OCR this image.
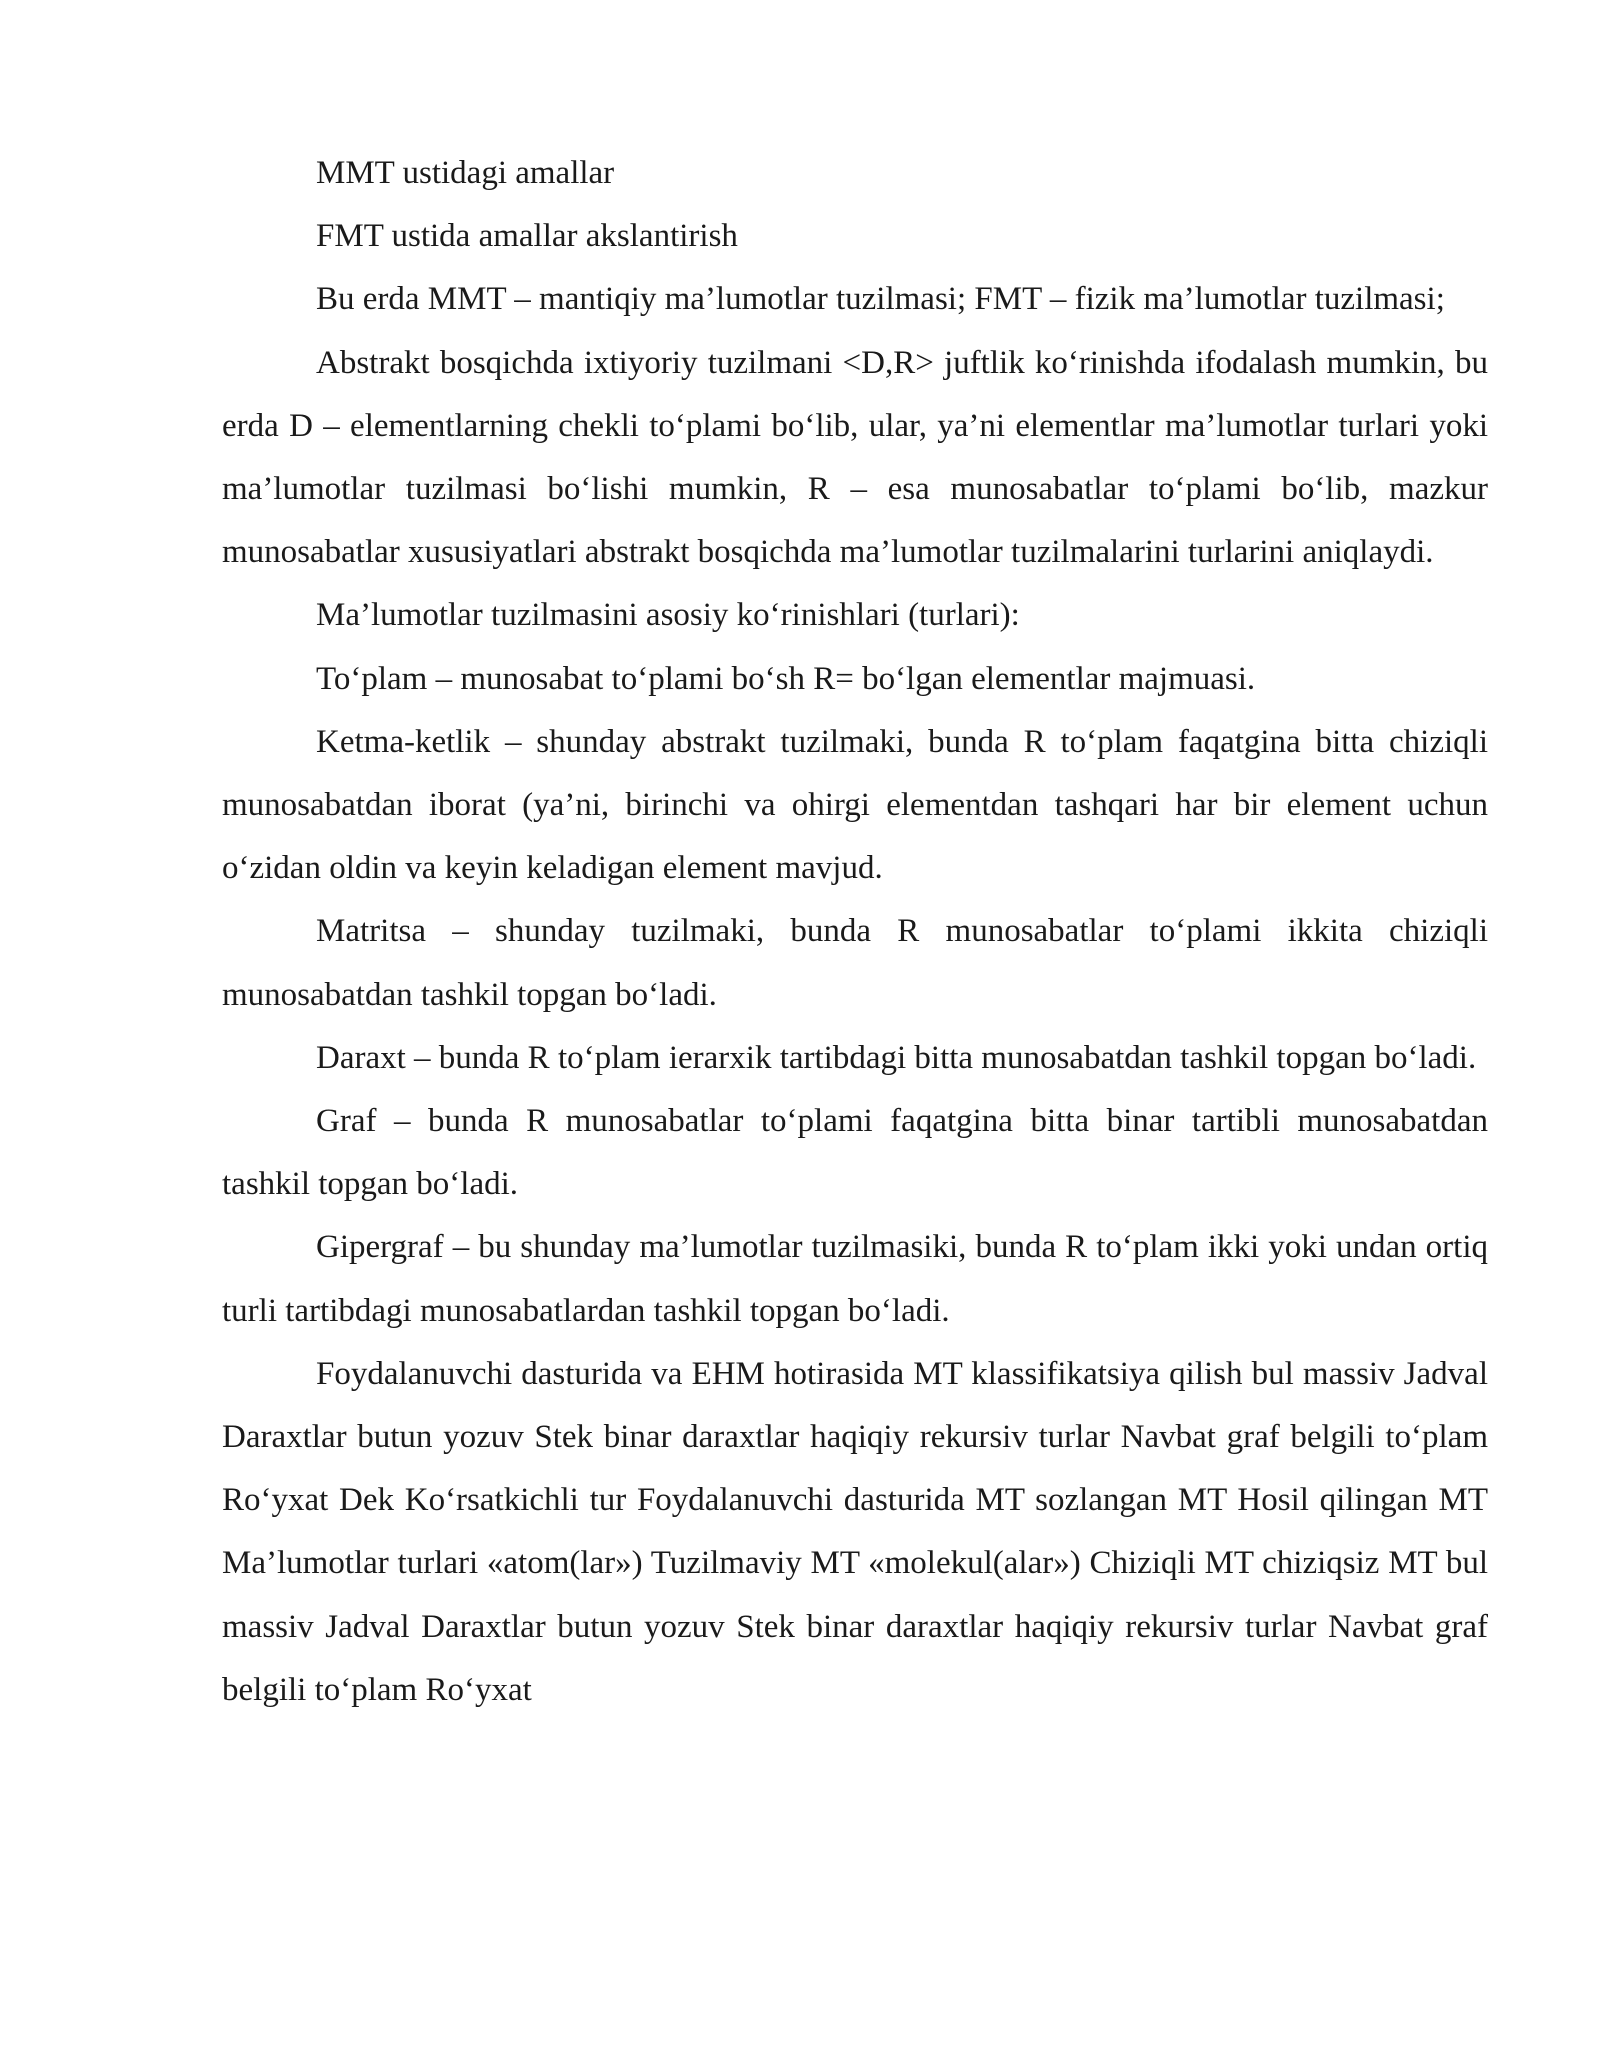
MMT ustidagi amallar

FMT ustida amallar akslantirish

Bu erda MMT – mantiqiy ma’lumotlar tuzilmasi; FMT – fizik ma’lumotlar tuzilmasi;

Abstrakt bosqichda ixtiyoriy tuzilmani <D,R> juftlik ko‘rinishda ifodalash mumkin, bu erda D – elementlarning chekli to‘plami bo‘lib, ular, ya’ni elementlar ma’lumotlar turlari yoki ma’lumotlar tuzilmasi bo‘lishi mumkin, R – esa munosabatlar to‘plami bo‘lib, mazkur munosabatlar xususiyatlari abstrakt bosqichda ma’lumotlar tuzilmalarini turlarini aniqlaydi.

Ma’lumotlar tuzilmasini asosiy ko‘rinishlari (turlari):

To‘plam – munosabat to‘plami bo‘sh R= bo‘lgan elementlar majmuasi.

Ketma-ketlik – shunday abstrakt tuzilmaki, bunda R to‘plam faqatgina bitta chiziqli munosabatdan iborat (ya’ni, birinchi va ohirgi elementdan tashqari har bir element uchun o‘zidan oldin va keyin keladigan element mavjud.

Matritsa – shunday tuzilmaki, bunda R munosabatlar to‘plami ikkita chiziqli munosabatdan tashkil topgan bo‘ladi.

Daraxt – bunda R to‘plam ierarxik tartibdagi bitta munosabatdan tashkil topgan bo‘ladi.

Graf – bunda R munosabatlar to‘plami faqatgina bitta binar tartibli munosabatdan tashkil topgan bo‘ladi.

Gipergraf – bu shunday ma’lumotlar tuzilmasiki, bunda R to‘plam ikki yoki undan ortiq turli tartibdagi munosabatlardan tashkil topgan bo‘ladi.

Foydalanuvchi dasturida va EHM hotirasida MT klassifikatsiya qilish bul massiv Jadval Daraxtlar butun yozuv Stek binar daraxtlar haqiqiy rekursiv turlar Navbat graf belgili to‘plam Ro‘yxat Dek Ko‘rsatkichli tur Foydalanuvchi dasturida MT sozlangan MT Hosil qilingan MT Ma’lumotlar turlari «atom(lar») Tuzilmaviy MT «molekul(alar») Chiziqli MT chiziqsiz MT bul massiv Jadval Daraxtlar butun yozuv Stek binar daraxtlar haqiqiy rekursiv turlar Navbat graf belgili to‘plam Ro‘yxat
